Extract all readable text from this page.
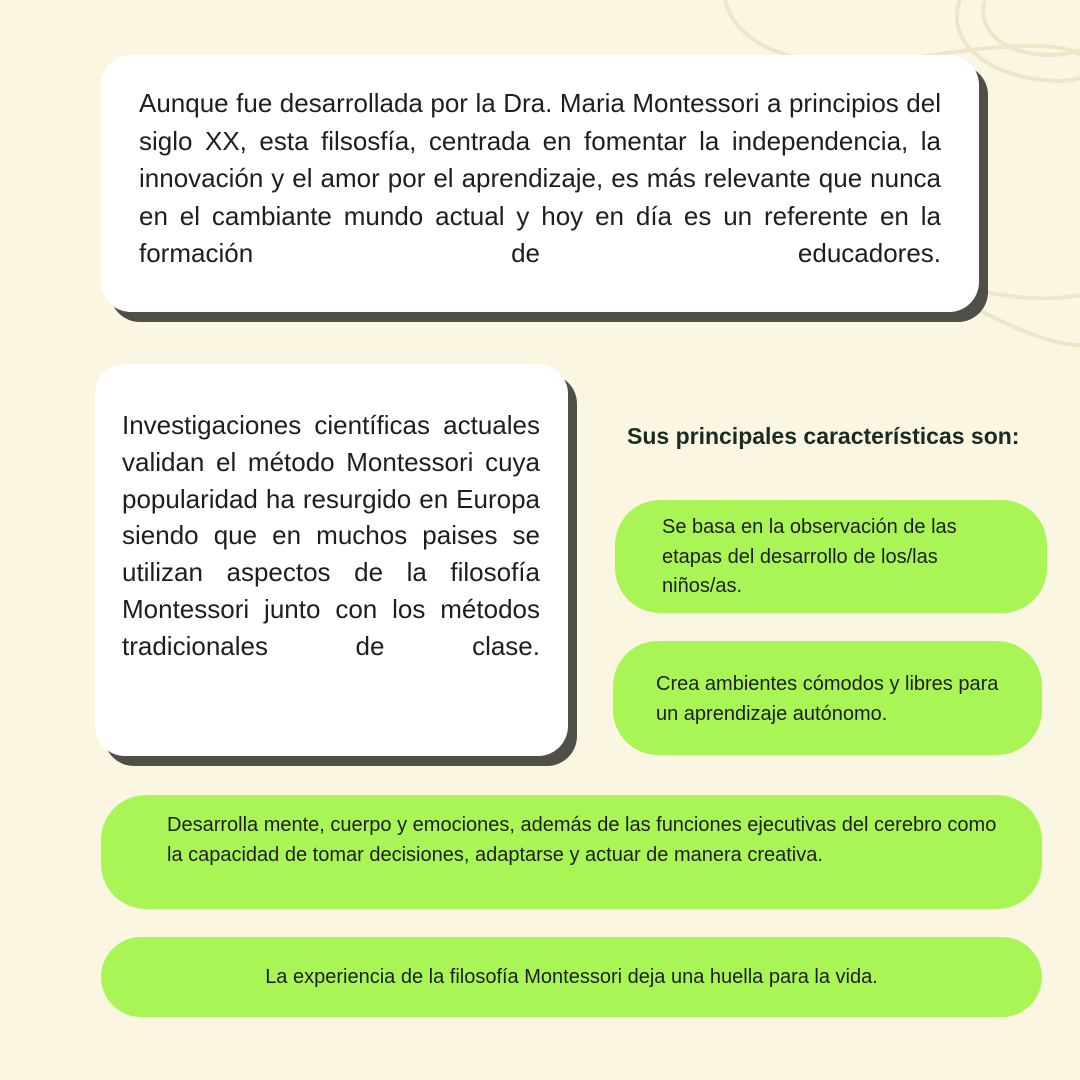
Aunque fue desarrollada por la Dra. Maria Montessori a principios del siglo XX, esta filsosfía, centrada en fomentar la independencia, la innovación y el amor por el aprendizaje, es más relevante que nunca en el cambiante mundo actual y hoy en día es un referente en la formación de educadores.

Investigaciones científicas actuales validan el método Montessori cuya popularidad ha resurgido en Europa siendo que en muchos paises se utilizan aspectos de la filosofía Montessori junto con los métodos tradicionales de clase.

Sus principales características son:

Se basa en la observación de las etapas del desarrollo de los/las niños/as.

Crea ambientes cómodos y libres para un aprendizaje autónomo.

Desarrolla mente, cuerpo y emociones, además de las funciones ejecutivas del cerebro como la capacidad de tomar decisiones, adaptarse y actuar de manera creativa.

La experiencia de la filosofía Montessori deja una huella para la vida.
